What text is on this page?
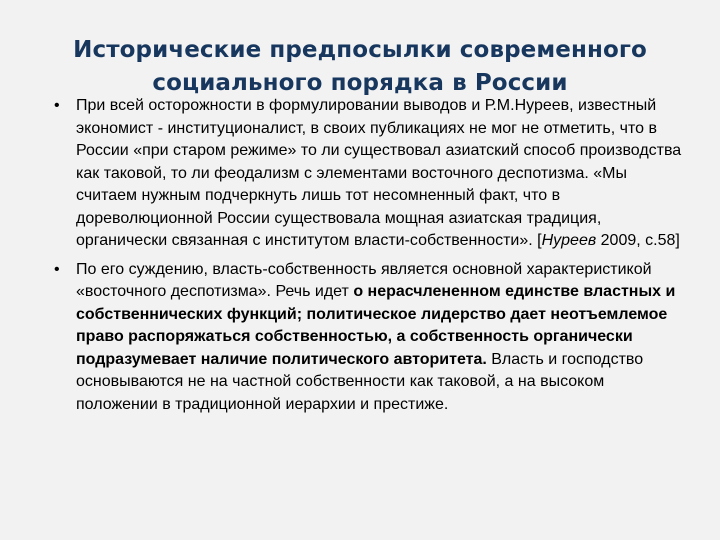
Исторические предпосылки современного социального порядка в России
• При всей осторожности в формулировании выводов и Р.М.Нуреев, известный экономист - институционалист, в своих публикациях не мог не отметить, что в России «при старом режиме» то ли существовал азиатский способ производства как таковой, то ли феодализм с элементами восточного деспотизма. «Мы считаем нужным подчеркнуть лишь тот несомненный факт, что в дореволюционной России существовала мощная азиатская традиция, органически связанная с институтом власти-собственности». [Нуреев 2009, с.58]
• По его суждению, власть-собственность является основной характеристикой «восточного деспотизма». Речь идет о нерасчлененном единстве властных и собственнических функций; политическое лидерство дает неотъемлемое право распоряжаться собственностью, а собственность органически подразумевает наличие политического авторитета. Власть и господство основываются не на частной собственности как таковой, а на высоком положении в традиционной иерархии и престиже.
